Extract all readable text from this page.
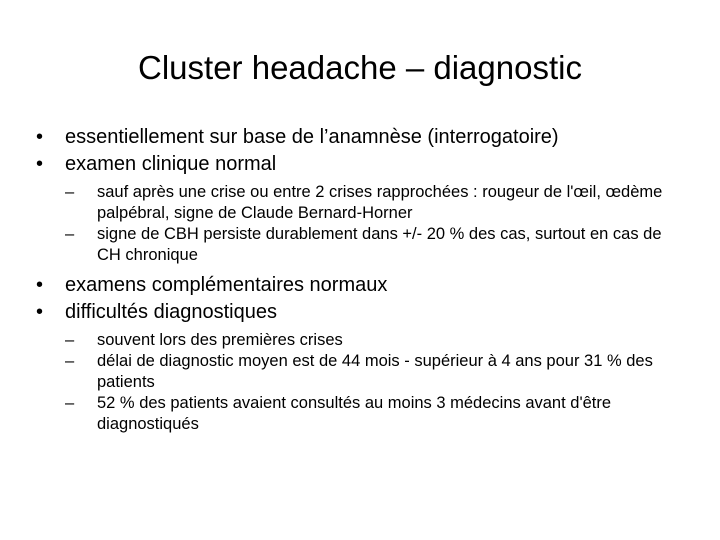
Cluster headache – diagnostic
• essentiellement sur base de l’anamnèse (interrogatoire)
• examen clinique normal
– sauf après une crise ou entre 2 crises rapprochées : rougeur de l'œil, œdème palpébral, signe de Claude Bernard-Horner
– signe de CBH persiste durablement dans +/- 20 % des cas, surtout en cas de CH chronique
• examens complémentaires normaux
• difficultés diagnostiques
– souvent lors des premières crises
– délai de diagnostic moyen est de 44 mois - supérieur à 4 ans pour 31 % des patients
– 52 % des patients avaient consultés au moins 3 médecins avant d'être diagnostiqués
